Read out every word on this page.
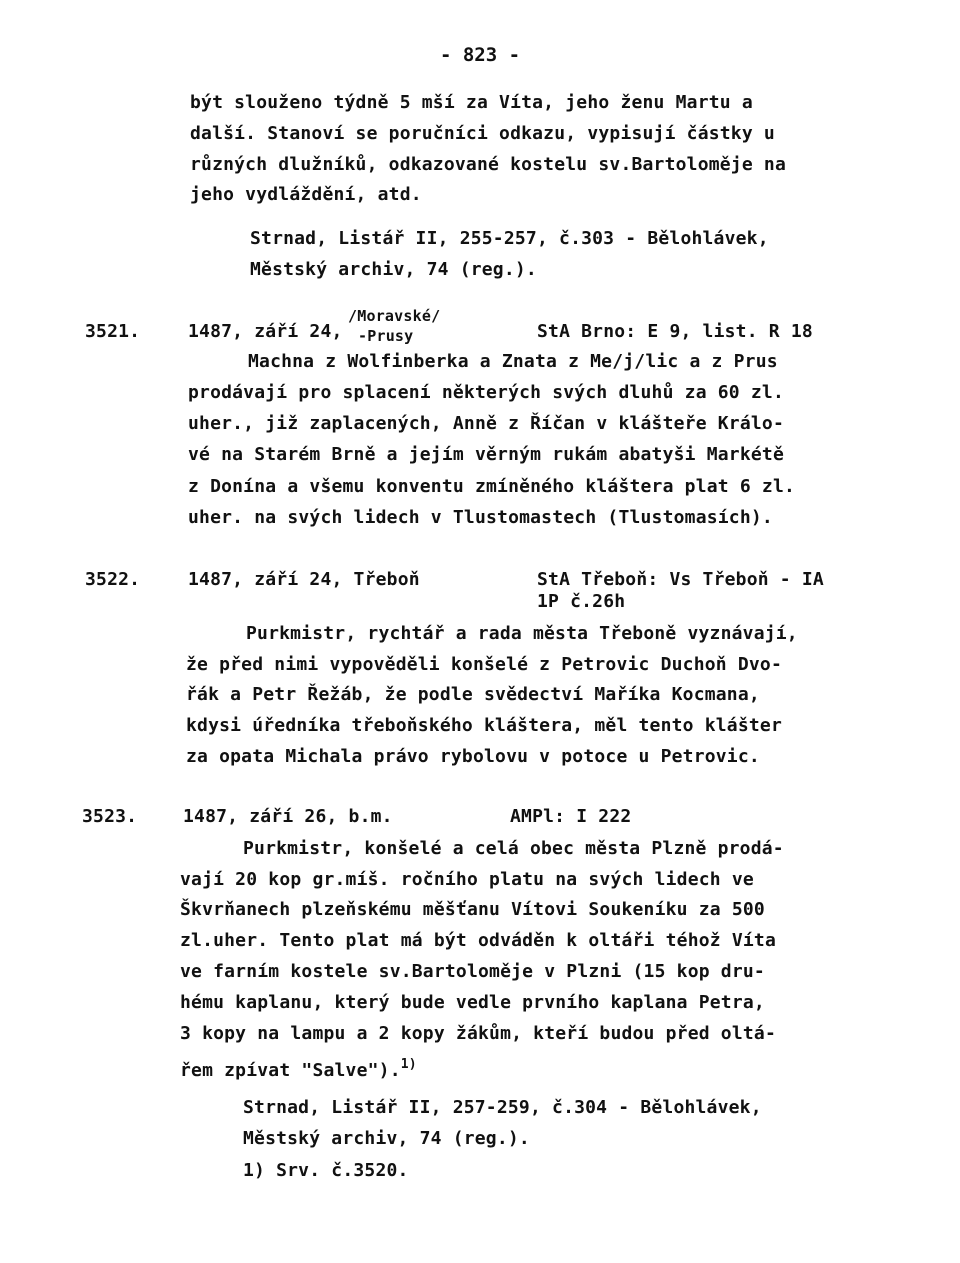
- 823 -
být slouženo týdně 5 mší za Víta, jeho ženu Martu a
další. Stanoví se poručníci odkazu, vypisují částky u
různých dlužníků, odkazované kostelu sv.Bartoloměje na
jeho vydláždění, atd.
Strnad, Listář II, 255-257, č.303 - Bělohlávek,
Městský archiv, 74 (reg.).
3521.	1487, září 24,
/Moravské/
-Prusy	StA Brno: E 9, list. R 18
Machna z Wolfinberka a Znata z Me/j/lic a z Prus
prodávají pro splacení některých svých dluhů za 60 zl.
uher., již zaplacených, Anně z Říčan v klášteře Králo-
vé na Starém Brně a jejím věrným rukám abatyši Markétě
z Donína a všemu konventu zmíněného kláštera plat 6 zl.
uher. na svých lidech v Tlustomastech (Tlustomasích).
3522.	1487, září 24, Třeboň	StA Třeboň: Vs Třeboň - IA
1P č.26h
Purkmistr, rychtář a rada města Třeboně vyznávají,
že před nimi vypověděli konšelé z Petrovic Duchoň Dvo-
řák a Petr Řežáb, že podle svědectví Maříka Kocmana,
kdysi úředníka třeboňského kláštera, měl tento klášter
za opata Michala právo rybolovu v potoce u Petrovic.
3523.	1487, září 26, b.m.	AMPl: I 222
Purkmistr, konšelé a celá obec města Plzně prodá-
vají 20 kop gr.míš. ročního platu na svých lidech ve
Škvrňanech plzeňskému měšťanu Vítovi Soukeníku za 500
zl.uher. Tento plat má být odváděn k oltáři téhož Víta
ve farním kostele sv.Bartoloměje v Plzni (15 kop dru-
hému kaplanu, který bude vedle prvního kaplana Petra,
3 kopy na lampu a 2 kopy žákům, kteří budou před oltá-
řem zpívat "Salve").$^{1)}$
Strnad, Listář II, 257-259, č.304 - Bělohlávek,
Městský archiv, 74 (reg.).
1) Srv. č.3520.
